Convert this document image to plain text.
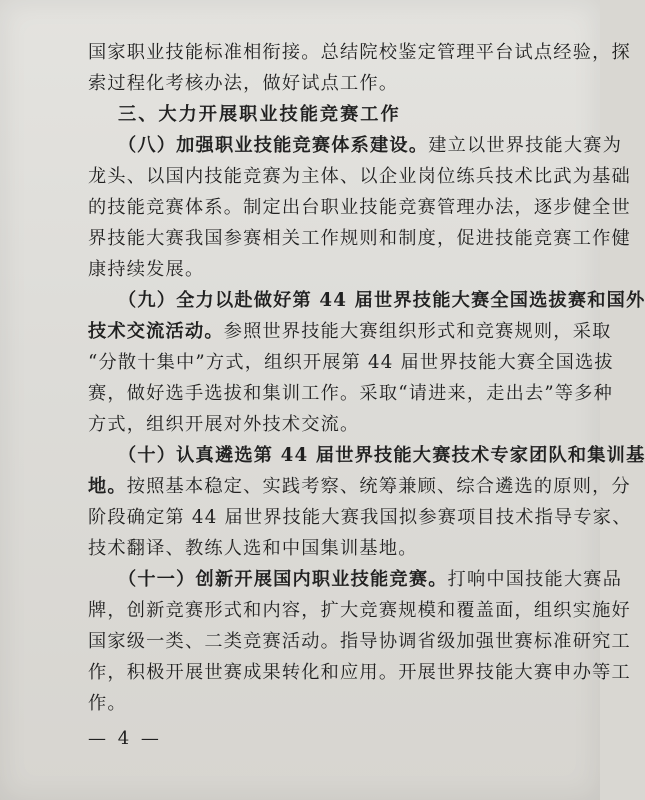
国家职业技能标准相衔接。总结院校鉴定管理平台试点经验，探
索过程化考核办法，做好试点工作。
三、大力开展职业技能竞赛工作
（八）加强职业技能竞赛体系建设。建立以世界技能大赛为
龙头、以国内技能竞赛为主体、以企业岗位练兵技术比武为基础
的技能竞赛体系。制定出台职业技能竞赛管理办法，逐步健全世
界技能大赛我国参赛相关工作规则和制度，促进技能竞赛工作健
康持续发展。
（九）全力以赴做好第 44 届世界技能大赛全国选拔赛和国外
技术交流活动。参照世界技能大赛组织形式和竞赛规则，采取
“分散十集中”方式，组织开展第 44 届世界技能大赛全国选拔
赛，做好选手选拔和集训工作。采取“请进来，走出去”等多种
方式，组织开展对外技术交流。
（十）认真遴选第 44 届世界技能大赛技术专家团队和集训基
地。按照基本稳定、实践考察、统筹兼顾、综合遴选的原则，分
阶段确定第 44 届世界技能大赛我国拟参赛项目技术指导专家、
技术翻译、教练人选和中国集训基地。
（十一）创新开展国内职业技能竞赛。打响中国技能大赛品
牌，创新竞赛形式和内容，扩大竞赛规模和覆盖面，组织实施好
国家级一类、二类竞赛活动。指导协调省级加强世赛标准研究工
作，积极开展世赛成果转化和应用。开展世界技能大赛申办等工
作。
— 4 —
